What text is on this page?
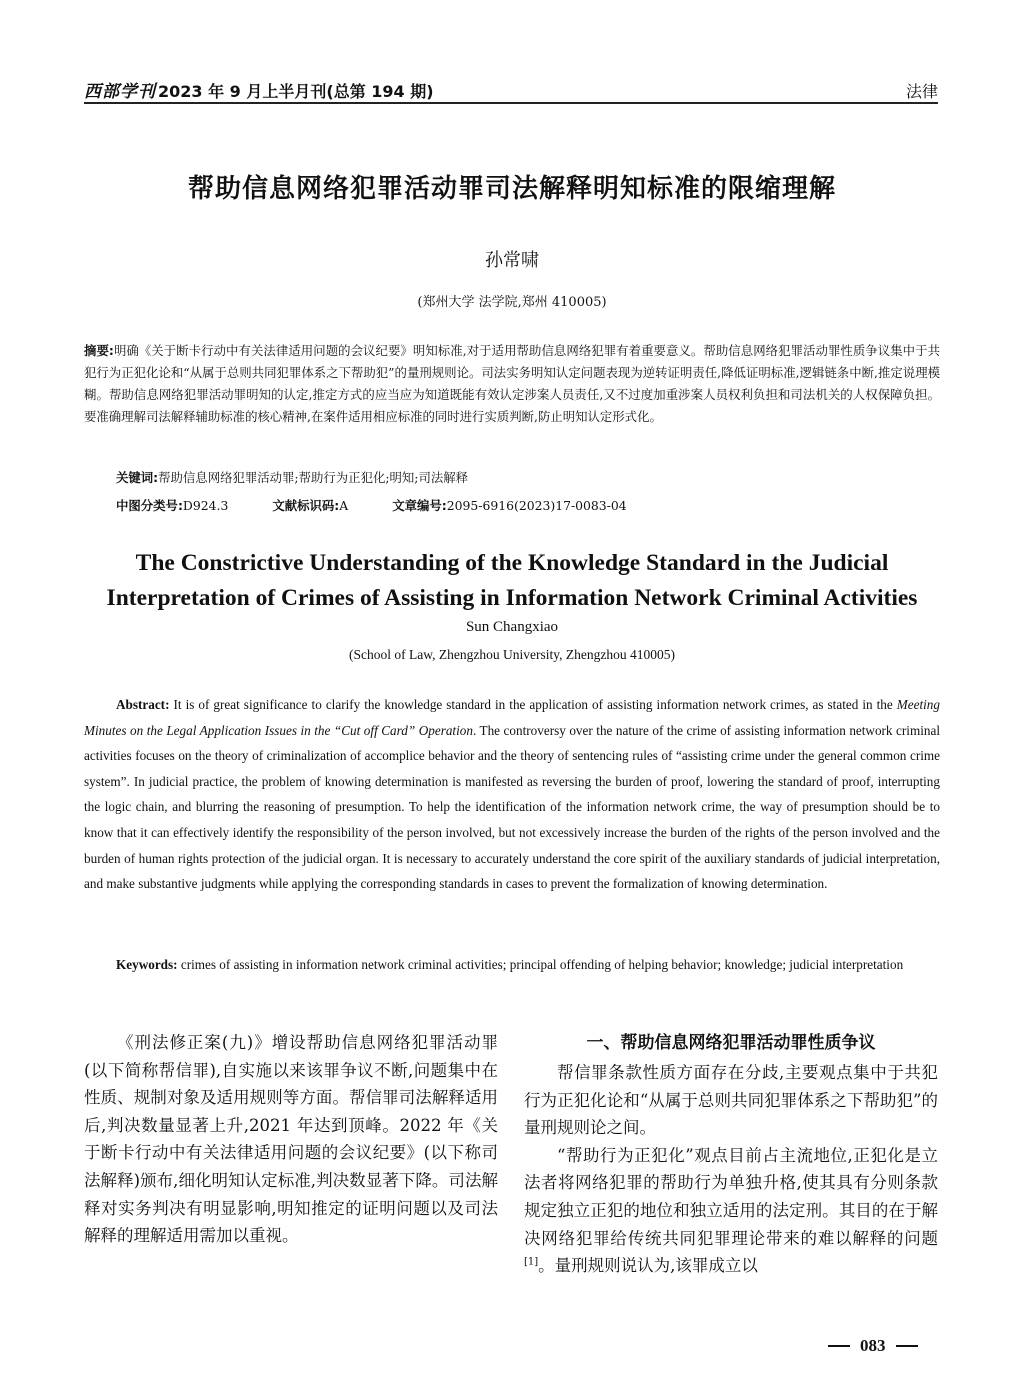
西部学刊 2023 年 9 月上半月刊(总第 194 期)	法律
帮助信息网络犯罪活动罪司法解释明知标准的限缩理解
孙常啸
(郑州大学 法学院,郑州 410005)
摘要:明确《关于断卡行动中有关法律适用问题的会议纪要》明知标准,对于适用帮助信息网络犯罪有着重要意义。帮助信息网络犯罪活动罪性质争议集中于共犯行为正犯化论和“从属于总则共同犯罪体系之下帮助犯”的量刑规则论。司法实务明知认定问题表现为逆转证明责任,降低证明标准,逻辑链条中断,推定说理模糊。帮助信息网络犯罪活动罪明知的认定,推定方式的应当应为知道既能有效认定涉案人员责任,又不过度加重涉案人员权利负担和司法机关的人权保障负担。要准确理解司法解释辅助标准的核心精神,在案件适用相应标准的同时进行实质判断,防止明知认定形式化。
关键词:帮助信息网络犯罪活动罪;帮助行为正犯化;明知;司法解释
中图分类号:D924.3	文献标识码:A	文章编号:2095-6916(2023)17-0083-04
The Constrictive Understanding of the Knowledge Standard in the Judicial
Interpretation of Crimes of Assisting in Information Network Criminal Activities
Sun Changxiao
(School of Law, Zhengzhou University, Zhengzhou 410005)
Abstract: It is of great significance to clarify the knowledge standard in the application of assisting information network crimes, as stated in the Meeting Minutes on the Legal Application Issues in the “Cut off Card” Operation. The controversy over the nature of the crime of assisting information network criminal activities focuses on the theory of criminalization of accomplice behavior and the theory of sentencing rules of “assisting crime under the general common crime system”. In judicial practice, the problem of knowing determination is manifested as reversing the burden of proof, lowering the standard of proof, interrupting the logic chain, and blurring the reasoning of presumption. To help the identification of the information network crime, the way of presumption should be to know that it can effectively identify the responsibility of the person involved, but not excessively increase the burden of the rights of the person involved and the burden of human rights protection of the judicial organ. It is necessary to accurately understand the core spirit of the auxiliary standards of judicial interpretation, and make substantive judgments while applying the corresponding standards in cases to prevent the formalization of knowing determination.
Keywords: crimes of assisting in information network criminal activities; principal offending of helping behavior; knowledge; judicial interpretation

《刑法修正案(九)》增设帮助信息网络犯罪活动罪(以下简称帮信罪),自实施以来该罪争议不断,问题集中在性质、规制对象及适用规则等方面。帮信罪司法解释适用后,判决数量显著上升,2021 年达到顶峰。2022 年《关于断卡行动中有关法律适用问题的会议纪要》(以下称司法解释)颁布,细化明知认定标准,判决数显著下降。司法解释对实务判决有明显影响,明知推定的证明问题以及司法解释的理解适用需加以重视。

一、帮助信息网络犯罪活动罪性质争议

帮信罪条款性质方面存在分歧,主要观点集中于共犯行为正犯化论和“从属于总则共同犯罪体系之下帮助犯”的量刑规则论之间。

“帮助行为正犯化”观点目前占主流地位,正犯化是立法者将网络犯罪的帮助行为单独升格,使其具有分则条款规定独立正犯的地位和独立适用的法定刑。其目的在于解决网络犯罪给传统共同犯罪理论带来的难以解释的问题[1]。量刑规则说认为,该罪成立以

083
